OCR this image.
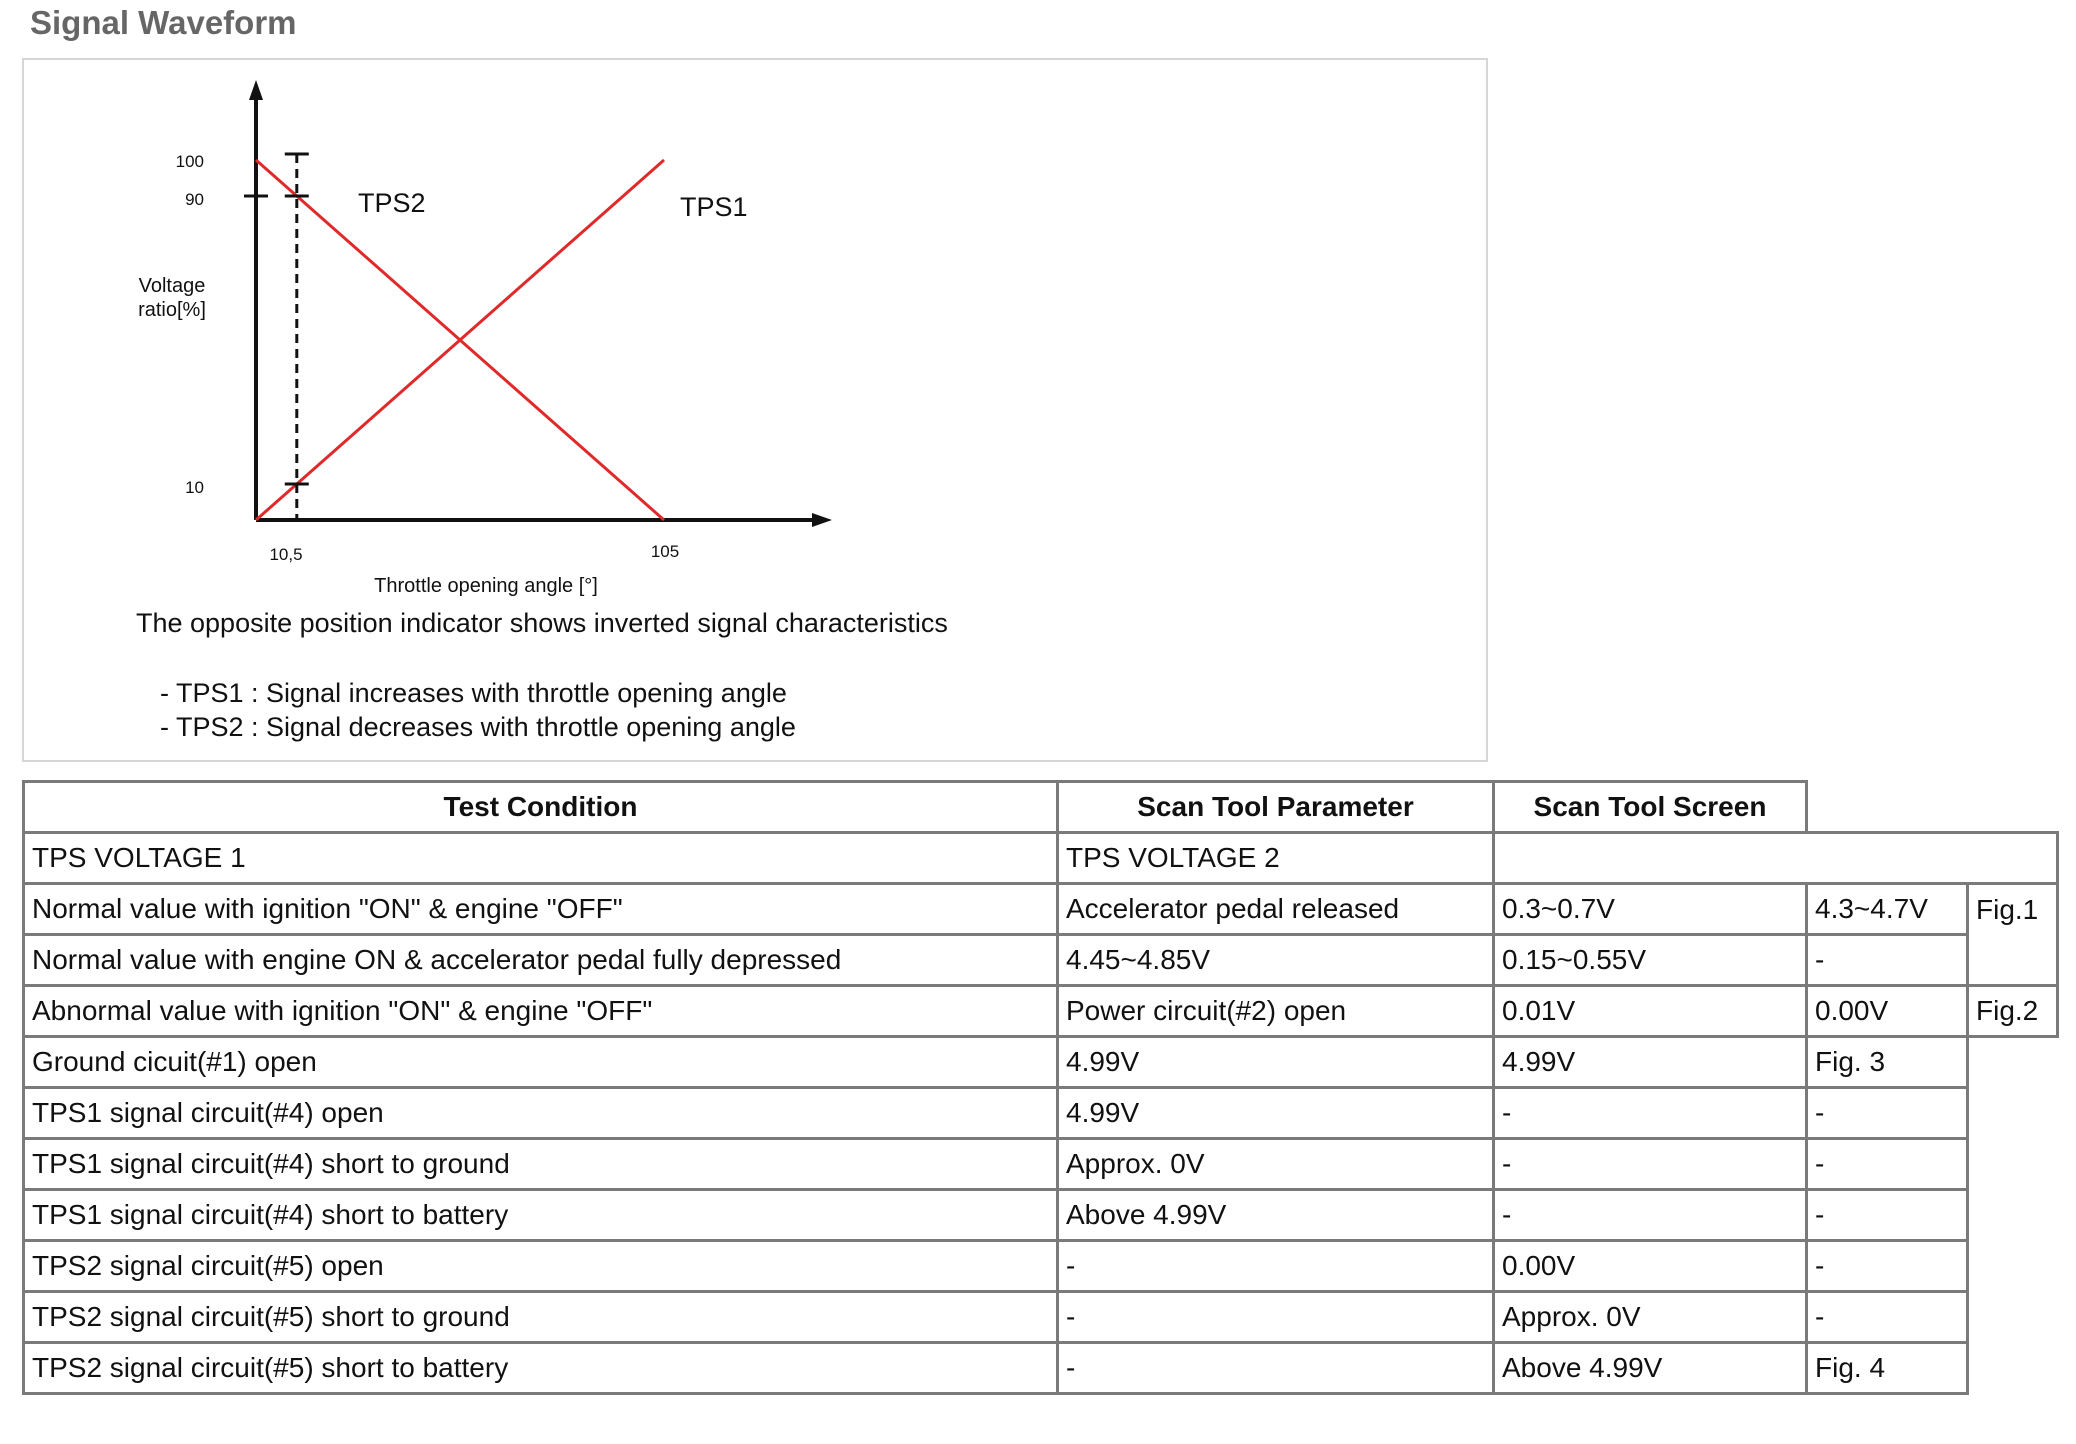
Signal Waveform
100
90
10
Voltage
ratio[%]
10,5	105
Throttle opening angle [°]
TPS2	TPS1
The opposite position indicator shows inverted signal characteristics
- TPS1 : Signal increases with throttle opening angle
- TPS2 : Signal decreases with throttle opening angle
Test Condition	Scan Tool Parameter	Scan Tool Screen		
TPS VOLTAGE 1	TPS VOLTAGE 2			
Normal value with ignition "ON" & engine "OFF"	Accelerator pedal released	0.3~0.7V	4.3~4.7V	Fig.1
Normal value with engine ON & accelerator pedal fully depressed	4.45~4.85V	0.15~0.55V	-	
Abnormal value with ignition "ON" & engine "OFF"	Power circuit(#2) open	0.01V	0.00V	Fig.2
Ground cicuit(#1) open	4.99V	4.99V	Fig. 3	
TPS1 signal circuit(#4) open	4.99V	-	-	
TPS1 signal circuit(#4) short to ground	Approx. 0V	-	-	
TPS1 signal circuit(#4) short to battery	Above 4.99V	-	-	
TPS2 signal circuit(#5) open	-	0.00V	-	
TPS2 signal circuit(#5) short to ground	-	Approx. 0V	-	
TPS2 signal circuit(#5) short to battery	-	Above 4.99V	Fig. 4	
